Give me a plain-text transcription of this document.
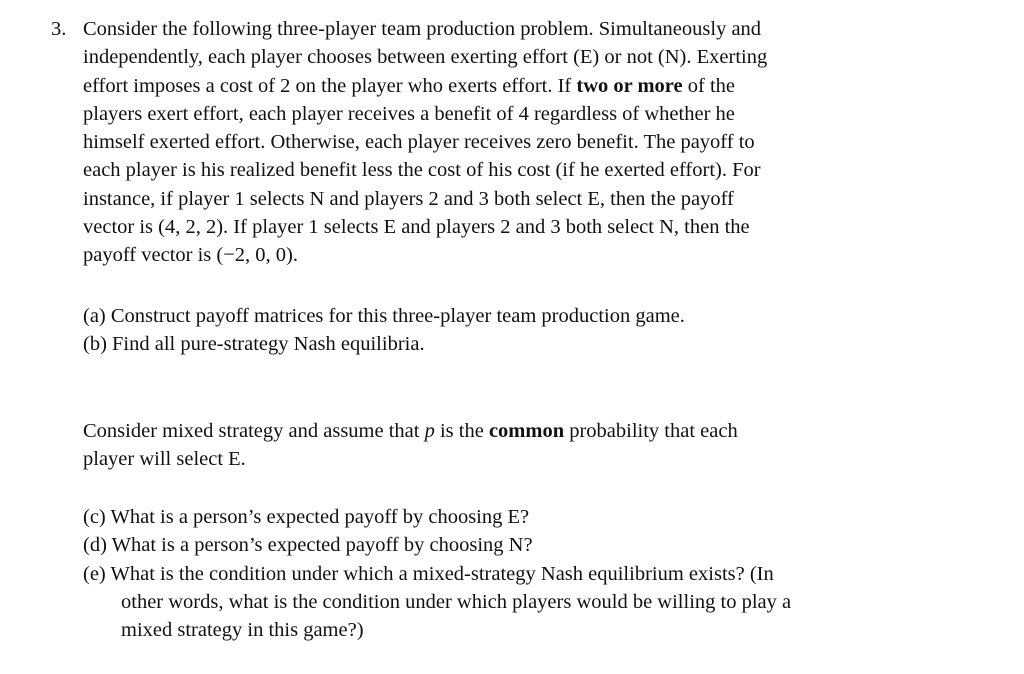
3. Consider the following three-player team production problem. Simultaneously and
independently, each player chooses between exerting effort (E) or not (N). Exerting
effort imposes a cost of 2 on the player who exerts effort. If two or more of the
players exert effort, each player receives a benefit of 4 regardless of whether he
himself exerted effort. Otherwise, each player receives zero benefit. The payoff to
each player is his realized benefit less the cost of his cost (if he exerted effort). For
instance, if player 1 selects N and players 2 and 3 both select E, then the payoff
vector is (4, 2, 2). If player 1 selects E and players 2 and 3 both select N, then the
payoff vector is (−2, 0, 0).
(a) Construct payoff matrices for this three-player team production game.
(b) Find all pure-strategy Nash equilibria.
Consider mixed strategy and assume that p is the common probability that each
player will select E.
(c) What is a person’s expected payoff by choosing E?
(d) What is a person’s expected payoff by choosing N?
(e) What is the condition under which a mixed-strategy Nash equilibrium exists? (In
other words, what is the condition under which players would be willing to play a
mixed strategy in this game?)
